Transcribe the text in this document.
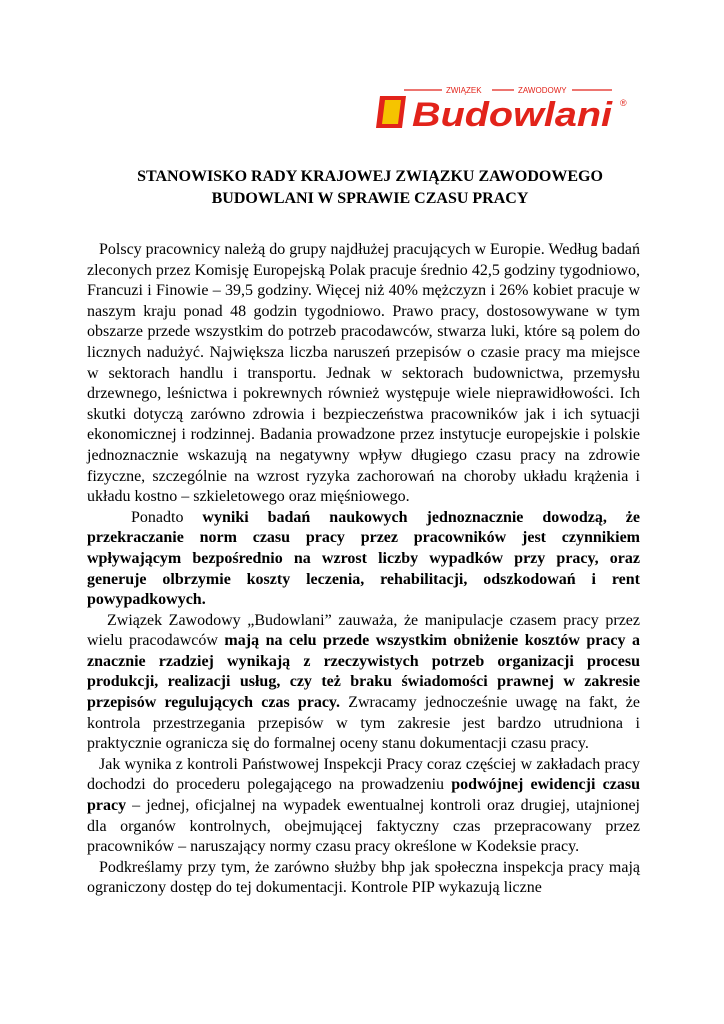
ZWIĄZEK	ZAWODOWY
Budowlani ®
STANOWISKO RADY KRAJOWEJ ZWIĄZKU ZAWODOWEGO
BUDOWLANI W SPRAWIE CZASU PRACY

Polscy pracownicy należą do grupy najdłużej pracujących w Europie. Według badań zleconych przez Komisję Europejską Polak pracuje średnio 42,5 godziny tygodniowo, Francuzi i Finowie – 39,5 godziny. Więcej niż 40% mężczyzn i 26% kobiet pracuje w naszym kraju ponad 48 godzin tygodniowo. Prawo pracy, dostosowywane w tym obszarze przede wszystkim do potrzeb pracodawców, stwarza luki, które są polem do licznych nadużyć. Największa liczba naruszeń przepisów o czasie pracy ma miejsce w sektorach handlu i transportu. Jednak w sektorach budownictwa, przemysłu drzewnego, leśnictwa i pokrewnych również występuje wiele nieprawidłowości. Ich skutki dotyczą zarówno zdrowia i bezpieczeństwa pracowników jak i ich sytuacji ekonomicznej i rodzinnej. Badania prowadzone przez instytucje europejskie i polskie jednoznacznie wskazują na negatywny wpływ długiego czasu pracy na zdrowie fizyczne, szczególnie na wzrost ryzyka zachorowań na choroby układu krążenia i układu kostno – szkieletowego oraz mięśniowego.

Ponadto wyniki badań naukowych jednoznacznie dowodzą, że przekraczanie norm czasu pracy przez pracowników jest czynnikiem wpływającym bezpośrednio na wzrost liczby wypadków przy pracy, oraz generuje olbrzymie koszty leczenia, rehabilitacji, odszkodowań i rent powypadkowych.

Związek Zawodowy „Budowlani” zauważa, że manipulacje czasem pracy przez wielu pracodawców mają na celu przede wszystkim obniżenie kosztów pracy a znacznie rzadziej wynikają z rzeczywistych potrzeb organizacji procesu produkcji, realizacji usług, czy też braku świadomości prawnej w zakresie przepisów regulujących czas pracy. Zwracamy jednocześnie uwagę na fakt, że kontrola przestrzegania przepisów w tym zakresie jest bardzo utrudniona i praktycznie ogranicza się do formalnej oceny stanu dokumentacji czasu pracy.

Jak wynika z kontroli Państwowej Inspekcji Pracy coraz częściej w zakładach pracy dochodzi do procederu polegającego na prowadzeniu podwójnej ewidencji czasu pracy – jednej, oficjalnej na wypadek ewentualnej kontroli oraz drugiej, utajnionej dla organów kontrolnych, obejmującej faktyczny czas przepracowany przez pracowników – naruszający normy czasu pracy określone w Kodeksie pracy.

Podkreślamy przy tym, że zarówno służby bhp jak społeczna inspekcja pracy mają ograniczony dostęp do tej dokumentacji. Kontrole PIP wykazują liczne
